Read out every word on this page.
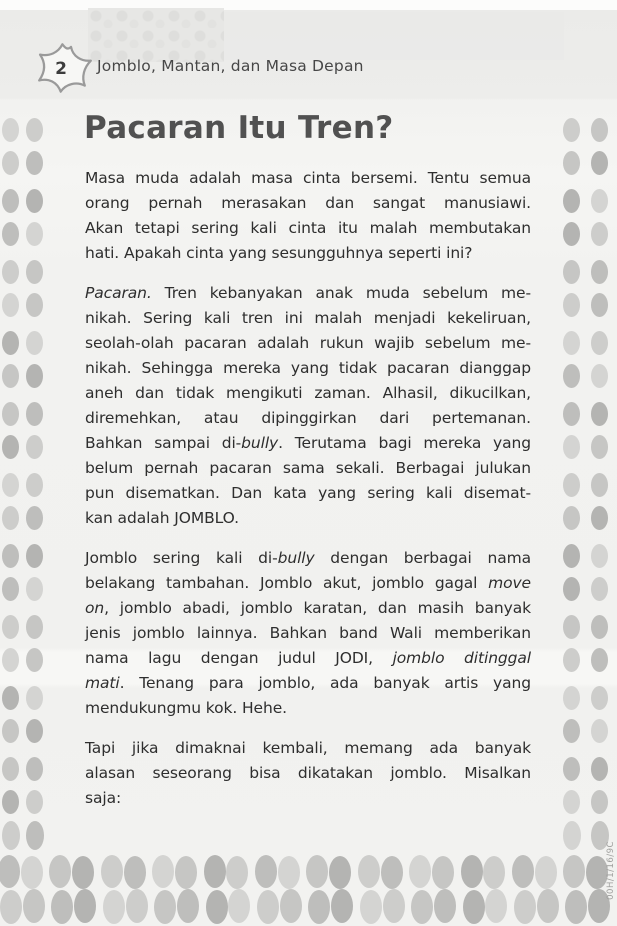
2	Jomblo, Mantan, dan Masa Depan
Pacaran Itu Tren?
Masa muda adalah masa cinta bersemi. Tentu semua
orang pernah merasakan dan sangat manusiawi.
Akan tetapi sering kali cinta itu malah membutakan
hati. Apakah cinta yang sesungguhnya seperti ini?
Pacaran. Tren kebanyakan anak muda sebelum me-
nikah. Sering kali tren ini malah menjadi kekeliruan,
seolah-olah pacaran adalah rukun wajib sebelum me-
nikah. Sehingga mereka yang tidak pacaran dianggap
aneh dan tidak mengikuti zaman. Alhasil, dikucilkan,
diremehkan, atau dipinggirkan dari pertemanan.
Bahkan sampai di-bully. Terutama bagi mereka yang
belum pernah pacaran sama sekali. Berbagai julukan
pun disematkan. Dan kata yang sering kali disemat-
kan adalah JOMBLO.
Jomblo sering kali di-bully dengan berbagai nama
belakang tambahan. Jomblo akut, jomblo gagal move
on, jomblo abadi, jomblo karatan, dan masih banyak
jenis jomblo lainnya. Bahkan band Wali memberikan
nama lagu dengan judul JODI, jomblo ditinggal
mati. Tenang para jomblo, ada banyak artis yang
mendukungmu kok. Hehe.
Tapi jika dimaknai kembali, memang ada banyak
alasan seseorang bisa dikatakan jomblo. Misalkan
saja:
00H/1/16/9C
